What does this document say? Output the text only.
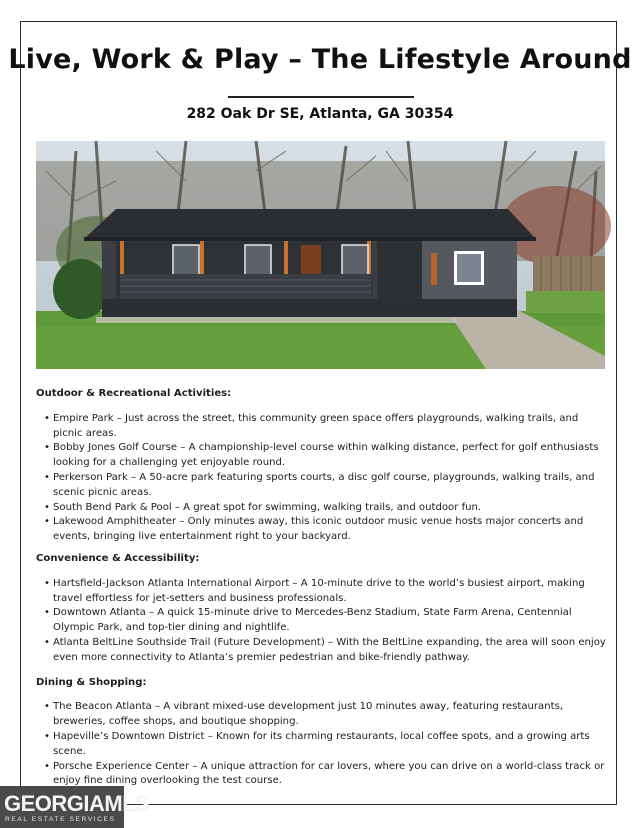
Live, Work & Play – The Lifestyle Around
282 Oak Dr SE, Atlanta, GA 30354
Outdoor & Recreational Activities:
• Empire Park – Just across the street, this community green space offers playgrounds, walking trails, and picnic areas.
• Bobby Jones Golf Course – A championship-level course within walking distance, perfect for golf enthusiasts looking for a challenging yet enjoyable round.
• Perkerson Park – A 50-acre park featuring sports courts, a disc golf course, playgrounds, walking trails, and scenic picnic areas.
• South Bend Park & Pool – A great spot for swimming, walking trails, and outdoor fun.
• Lakewood Amphitheater – Only minutes away, this iconic outdoor music venue hosts major concerts and events, bringing live entertainment right to your backyard.
Convenience & Accessibility:
• Hartsfield-Jackson Atlanta International Airport – A 10-minute drive to the world’s busiest airport, making travel effortless for jet-setters and business professionals.
• Downtown Atlanta – A quick 15-minute drive to Mercedes-Benz Stadium, State Farm Arena, Centennial Olympic Park, and top-tier dining and nightlife.
• Atlanta BeltLine Southside Trail (Future Development) – With the BeltLine expanding, the area will soon enjoy even more connectivity to Atlanta’s premier pedestrian and bike-friendly pathway.
Dining & Shopping:
• The Beacon Atlanta – A vibrant mixed-use development just 10 minutes away, featuring restaurants, breweries, coffee shops, and boutique shopping.
• Hapeville’s Downtown District – Known for its charming restaurants, local coffee spots, and a growing arts scene.
• Porsche Experience Center – A unique attraction for car lovers, where you can drive on a world-class track or enjoy fine dining overlooking the test course.
GEORGIAMLS
REAL ESTATE SERVICES
